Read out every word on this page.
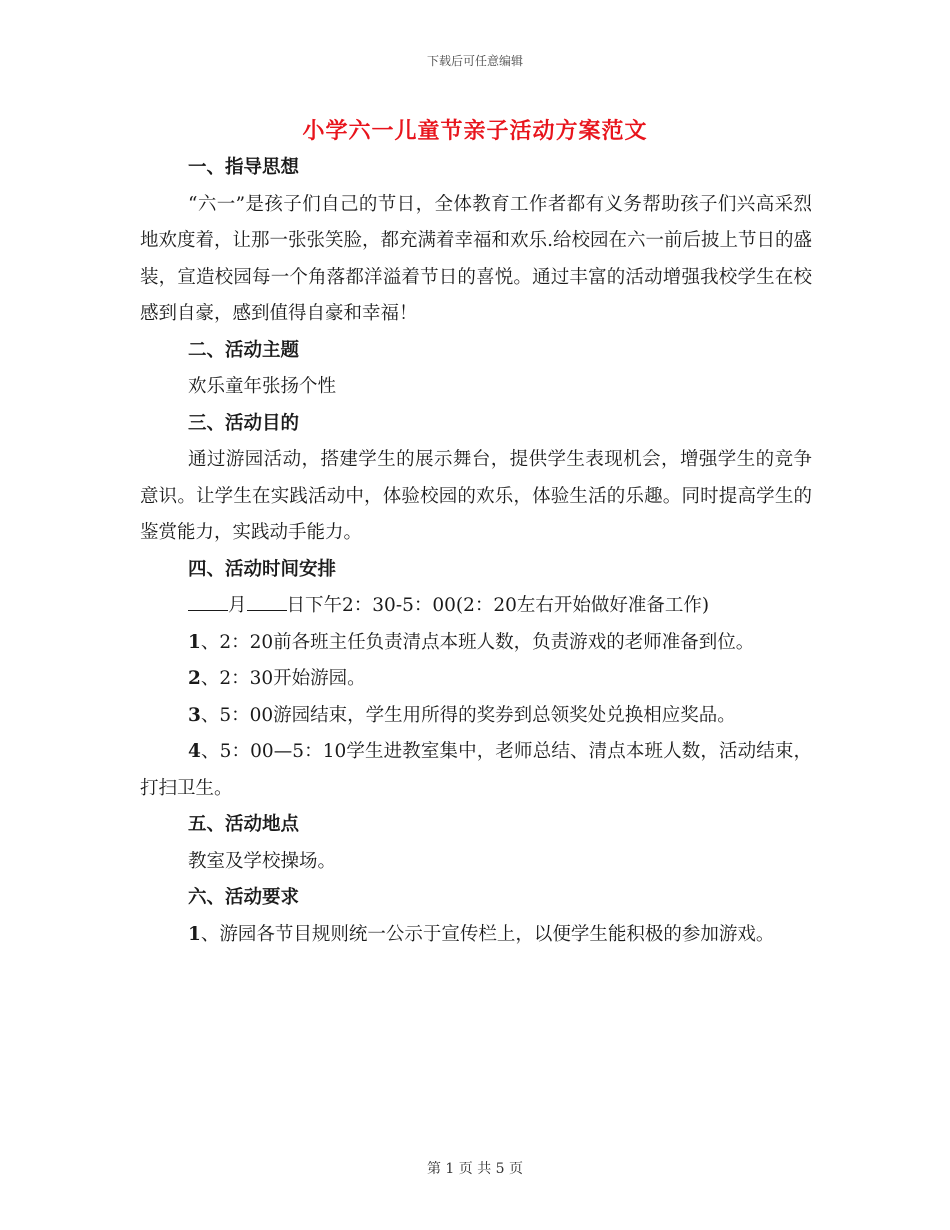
下载后可任意编辑
小学六一儿童节亲子活动方案范文

一、指导思想

“六一”是孩子们自己的节日，全体教育工作者都有义务帮助孩子们兴高采烈地欢度着，让那一张张笑脸，都充满着幸福和欢乐.给校园在六一前后披上节日的盛装，宣造校园每一个角落都洋溢着节日的喜悦。通过丰富的活动增强我校学生在校感到自豪，感到值得自豪和幸福！

二、活动主题

欢乐童年张扬个性

三、活动目的

通过游园活动，搭建学生的展示舞台，提供学生表现机会，增强学生的竞争意识。让学生在实践活动中，体验校园的欢乐，体验生活的乐趣。同时提高学生的鉴赏能力，实践动手能力。

四、活动时间安排

月 日下午2：30-5：00(2：20左右开始做好准备工作)

1、2：20前各班主任负责清点本班人数，负责游戏的老师准备到位。

2、2：30开始游园。

3、5：00游园结束，学生用所得的奖券到总领奖处兑换相应奖品。

4、5：00—5：10学生进教室集中，老师总结、清点本班人数，活动结束，打扫卫生。

五、活动地点

教室及学校操场。

六、活动要求

1、游园各节目规则统一公示于宣传栏上，以便学生能积极的参加游戏。

第 1 页 共 5 页
